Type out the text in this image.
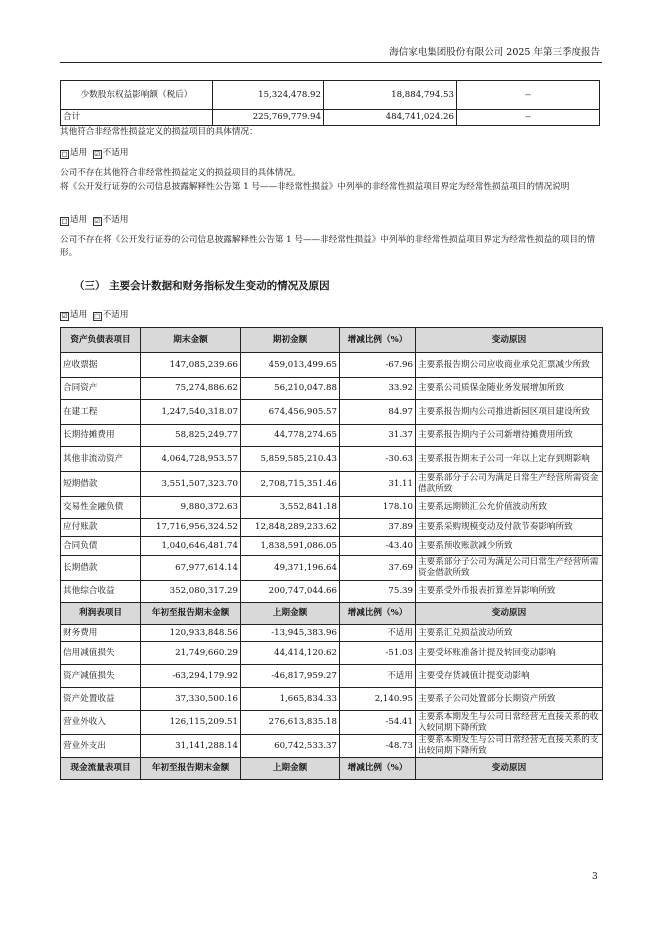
海信家电集团股份有限公司 2025 年第三季度报告
少数股东权益影响额（税后）	15,324,478.92	18,884,794.53	--
合计	225,769,779.94	484,741,024.26	--
其他符合非经常性损益定义的损益项目的具体情况：
□ 适用 ☑ 不适用
公司不存在其他符合非经常性损益定义的损益项目的具体情况。
将《公开发行证券的公司信息披露解释性公告第 1 号——非经常性损益》中列举的非经常性损益项目界定为经常性损益项目的情况说明
□ 适用 ☑ 不适用
公司不存在将《公开发行证券的公司信息披露解释性公告第 1 号——非经常性损益》中列举的非经常性损益项目界定为经常性损益的项目的情形。
（三） 主要会计数据和财务指标发生变动的情况及原因
☑ 适用 □ 不适用
资产负债表项目	期末金额	期初金额	增减比例（%）	变动原因
应收票据	147,085,239.66	459,013,499.65	-67.96	主要系报告期公司应收商业承兑汇票减少所致
合同资产	75,274,886.62	56,210,047.88	33.92	主要系公司质保金随业务发展增加所致
在建工程	1,247,540,318.07	674,456,905.57	84.97	主要系报告期内公司推进新园区项目建设所致
长期待摊费用	58,825,249.77	44,778,274.65	31.37	主要系报告期内子公司新增待摊费用所致
其他非流动资产	4,064,728,953.57	5,859,585,210.43	-30.63	主要系报告期末子公司一年以上定存到期影响
短期借款	3,551,507,323.70	2,708,715,351.46	31.11	主要系部分子公司为满足日常生产经营所需资金借款所致
交易性金融负债	9,880,372.63	3,552,841.18	178.10	主要系远期锁汇公允价值波动所致
应付账款	17,716,956,324.52	12,848,289,233.62	37.89	主要系采购规模变动及付款节奏影响所致
合同负债	1,040,646,481.74	1,838,591,086.05	-43.40	主要系预收账款减少所致
长期借款	67,977,614.14	49,371,196.64	37.69	主要系部分子公司为满足公司日常生产经营所需资金借款所致
其他综合收益	352,080,317.29	200,747,044.66	75.39	主要系受外币报表折算差异影响所致
利润表项目	年初至报告期末金额	上期金额	增减比例（%）	变动原因
财务费用	120,933,848.56	-13,945,383.96	不适用	主要系汇兑损益波动所致
信用减值损失	21,749,660.29	44,414,120.62	-51.03	主要受坏账准备计提及转回变动影响
资产减值损失	-63,294,179.92	-46,817,959.27	不适用	主要受存货减值计提变动影响
资产处置收益	37,330,500.16	1,665,834.33	2,140.95	主要系子公司处置部分长期资产所致
营业外收入	126,115,209.51	276,613,835.18	-54.41	主要系本期发生与公司日常经营无直接关系的收入较同期下降所致
营业外支出	31,141,288.14	60,742,533.37	-48.73	主要系本期发生与公司日常经营无直接关系的支出较同期下降所致
现金流量表项目	年初至报告期末金额	上期金额	增减比例（%）	变动原因
3
